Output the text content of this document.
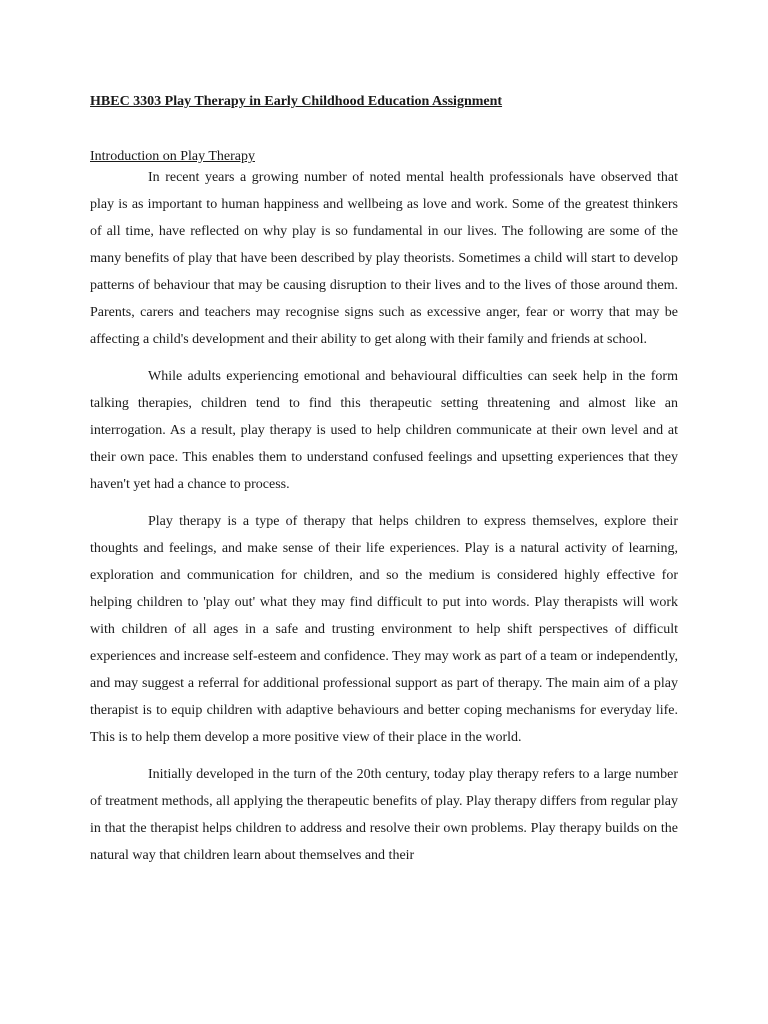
HBEC 3303 Play Therapy in Early Childhood Education Assignment
Introduction on Play Therapy

In recent years a growing number of noted mental health professionals have observed that play is as important to human happiness and wellbeing as love and work. Some of the greatest thinkers of all time, have reflected on why play is so fundamental in our lives. The following are some of the many benefits of play that have been described by play theorists. Sometimes a child will start to develop patterns of behaviour that may be causing disruption to their lives and to the lives of those around them. Parents, carers and teachers may recognise signs such as excessive anger, fear or worry that may be affecting a child's development and their ability to get along with their family and friends at school.

While adults experiencing emotional and behavioural difficulties can seek help in the form talking therapies, children tend to find this therapeutic setting threatening and almost like an interrogation. As a result, play therapy is used to help children communicate at their own level and at their own pace. This enables them to understand confused feelings and upsetting experiences that they haven't yet had a chance to process.

Play therapy is a type of therapy that helps children to express themselves, explore their thoughts and feelings, and make sense of their life experiences. Play is a natural activity of learning, exploration and communication for children, and so the medium is considered highly effective for helping children to 'play out' what they may find difficult to put into words. Play therapists will work with children of all ages in a safe and trusting environment to help shift perspectives of difficult experiences and increase self-esteem and confidence. They may work as part of a team or independently, and may suggest a referral for additional professional support as part of therapy. The main aim of a play therapist is to equip children with adaptive behaviours and better coping mechanisms for everyday life. This is to help them develop a more positive view of their place in the world.

Initially developed in the turn of the 20th century, today play therapy refers to a large number of treatment methods, all applying the therapeutic benefits of play. Play therapy differs from regular play in that the therapist helps children to address and resolve their own problems. Play therapy builds on the natural way that children learn about themselves and their
